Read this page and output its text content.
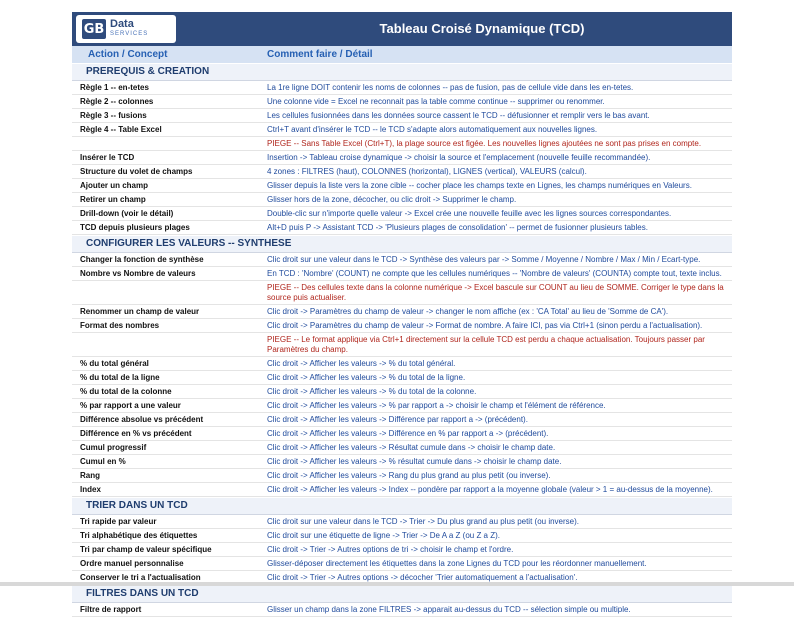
GB Data
SERVICES	Tableau Croisé Dynamique (TCD)
Action / Concept	Comment faire / Détail
PREREQUIS & CREATION
Règle 1 -- en-tetes	La 1re ligne DOIT contenir les noms de colonnes -- pas de fusion, pas de cellule vide dans les en-tetes.
Règle 2 -- colonnes	Une colonne vide = Excel ne reconnait pas la table comme continue -- supprimer ou renommer.
Règle 3 -- fusions	Les cellules fusionnées dans les données source cassent le TCD -- défusionner et remplir vers le bas avant.
Règle 4 -- Table Excel	Ctrl+T avant d'insérer le TCD -- le TCD s'adapte alors automatiquement aux nouvelles lignes.
PIEGE -- Sans Table Excel (Ctrl+T), la plage source est figée. Les nouvelles lignes ajoutées ne sont pas prises en compte.
Insérer le TCD	Insertion -> Tableau croise dynamique -> choisir la source et l'emplacement (nouvelle feuille recommandée).
Structure du volet de champs	4 zones : FILTRES (haut), COLONNES (horizontal), LIGNES (vertical), VALEURS (calcul).
Ajouter un champ	Glisser depuis la liste vers la zone cible -- cocher place les champs texte en Lignes, les champs numériques en Valeurs.
Retirer un champ	Glisser hors de la zone, décocher, ou clic droit -> Supprimer le champ.
Drill-down (voir le détail)	Double-clic sur n'importe quelle valeur -> Excel crée une nouvelle feuille avec les lignes sources correspondantes.
TCD depuis plusieurs plages	Alt+D puis P -> Assistant TCD -> 'Plusieurs plages de consolidation' -- permet de fusionner plusieurs tables.
CONFIGURER LES VALEURS -- SYNTHESE
Changer la fonction de synthèse	Clic droit sur une valeur dans le TCD -> Synthèse des valeurs par -> Somme / Moyenne / Nombre / Max / Min / Ecart-type.
Nombre vs Nombre de valeurs	En TCD : 'Nombre' (COUNT) ne compte que les cellules numériques -- 'Nombre de valeurs' (COUNTA) compte tout, texte inclus.
PIEGE -- Des cellules texte dans la colonne numérique -> Excel bascule sur COUNT au lieu de SOMME. Corriger le type dans la source puis actualiser.
Renommer un champ de valeur	Clic droit -> Paramètres du champ de valeur -> changer le nom affiche (ex : 'CA Total' au lieu de 'Somme de CA').
Format des nombres	Clic droit -> Paramètres du champ de valeur -> Format de nombre. A faire ICI, pas via Ctrl+1 (sinon perdu a l'actualisation).
PIEGE -- Le format applique via Ctrl+1 directement sur la cellule TCD est perdu a chaque actualisation. Toujours passer par Paramètres du champ.
% du total général	Clic droit -> Afficher les valeurs -> % du total général.
% du total de la ligne	Clic droit -> Afficher les valeurs -> % du total de la ligne.
% du total de la colonne	Clic droit -> Afficher les valeurs -> % du total de la colonne.
% par rapport a une valeur	Clic droit -> Afficher les valeurs -> % par rapport a -> choisir le champ et l'élément de référence.
Différence absolue vs précédent	Clic droit -> Afficher les valeurs -> Différence par rapport a -> (précédent).
Différence en % vs précédent	Clic droit -> Afficher les valeurs -> Différence en % par rapport a -> (précédent).
Cumul progressif	Clic droit -> Afficher les valeurs -> Résultat cumule dans -> choisir le champ date.
Cumul en %	Clic droit -> Afficher les valeurs -> % résultat cumule dans -> choisir le champ date.
Rang	Clic droit -> Afficher les valeurs -> Rang du plus grand au plus petit (ou inverse).
Index	Clic droit -> Afficher les valeurs -> Index -- pondère par rapport a la moyenne globale (valeur > 1 = au-dessus de la moyenne).
TRIER DANS UN TCD
Tri rapide par valeur	Clic droit sur une valeur dans le TCD -> Trier -> Du plus grand au plus petit (ou inverse).
Tri alphabétique des étiquettes	Clic droit sur une étiquette de ligne -> Trier -> De A a Z (ou Z a Z).
Tri par champ de valeur spécifique	Clic droit -> Trier -> Autres options de tri -> choisir le champ et l'ordre.
Ordre manuel personnalise	Glisser-déposer directement les étiquettes dans la zone Lignes du TCD pour les réordonner manuellement.
Conserver le tri a l'actualisation	Clic droit -> Trier -> Autres options -> décocher 'Trier automatiquement a l'actualisation'.
FILTRES DANS UN TCD
Filtre de rapport	Glisser un champ dans la zone FILTRES -> apparait au-dessus du TCD -- sélection simple ou multiple.
